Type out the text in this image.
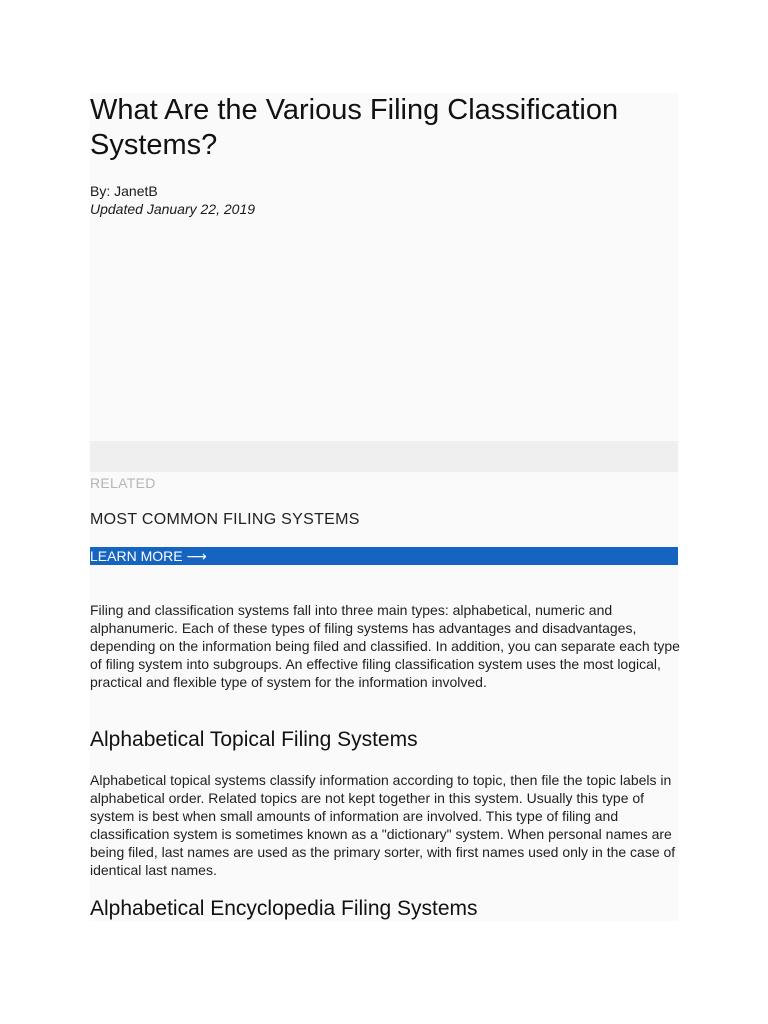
What Are the Various Filing Classification Systems?
By: JanetB
Updated January 22, 2019
RELATED
MOST COMMON FILING SYSTEMS
LEARN MORE ⟶

Filing and classification systems fall into three main types: alphabetical, numeric and alphanumeric. Each of these types of filing systems has advantages and disadvantages, depending on the information being filed and classified. In addition, you can separate each type of filing system into subgroups. An effective filing classification system uses the most logical, practical and flexible type of system for the information involved.

Alphabetical Topical Filing Systems

Alphabetical topical systems classify information according to topic, then file the topic labels in alphabetical order. Related topics are not kept together in this system. Usually this type of system is best when small amounts of information are involved. This type of filing and classification system is sometimes known as a "dictionary" system. When personal names are being filed, last names are used as the primary sorter, with first names used only in the case of identical last names.

Alphabetical Encyclopedia Filing Systems
